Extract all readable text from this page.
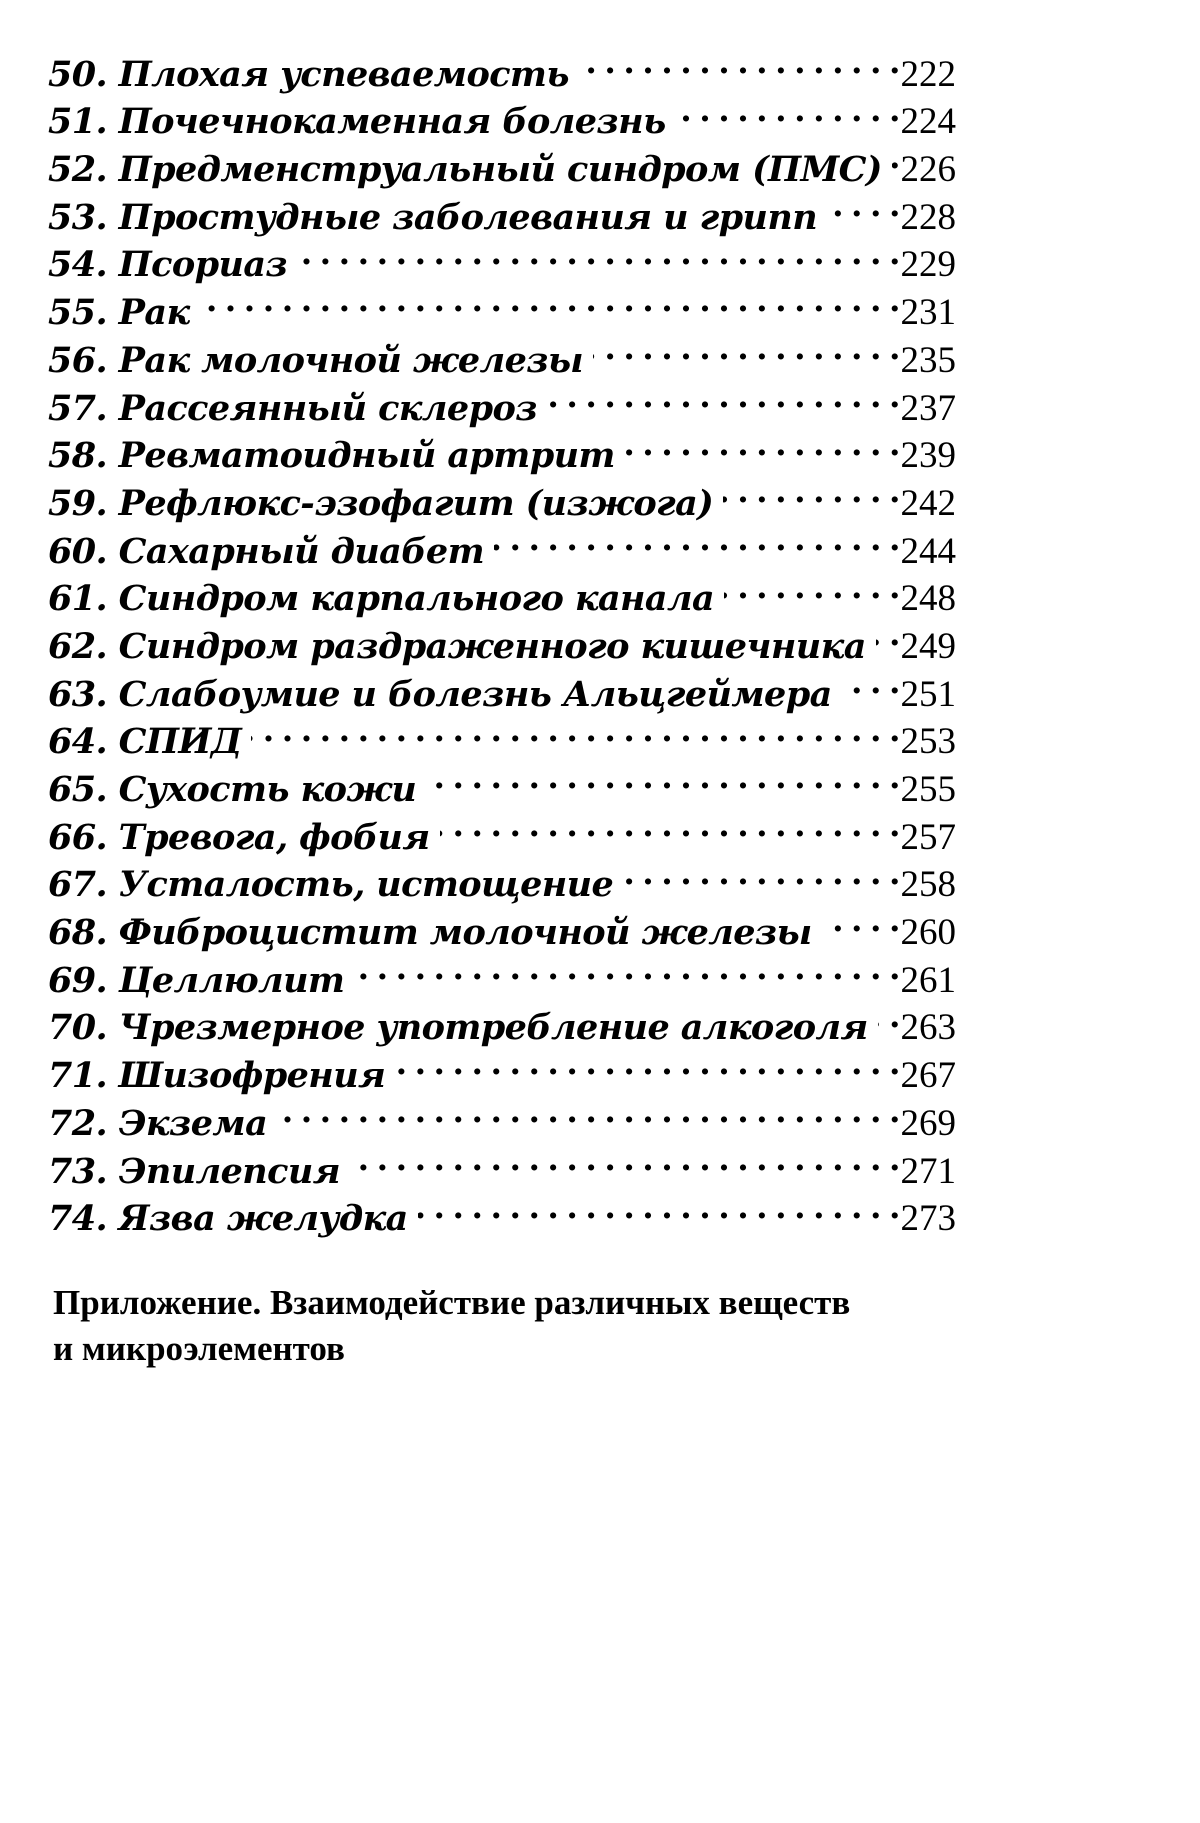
50. Плохая успеваемость . . .	222
51. Почечнокаменная болезнь . . .	224
52. Предменструальный синдром (ПМС) . . . 226
53. Простудные заболевания и грипп . . . 228
54. Псориаз . . .	229
55. Рак . . .	231
56. Рак молочной железы . . .	235
57. Рассеянный склероз . . .	237
58. Ревматоидный артрит . . .	239
59. Рефлюкс-эзофагит (изжога) . . .	242
60. Сахарный диабет . . .	244
61. Синдром карпального канала . . .	248
62. Синдром раздраженного кишечника . . . 249
63. Слабоумие и болезнь Альцгеймера . . . 251
64. СПИД . . .	253
65. Сухость кожи . . .	255
66. Тревога, фобия . . .	257
67. Усталость, истощение . . .	258
68. Фиброцистит молочной железы . . . 260
69. Целлюлит . . .	261
70. Чрезмерное употребление алкоголя . . . 263
71. Шизофрения . . .	267
72. Экзема . . .	269
73. Эпилепсия . . .	271
74. Язва желудка . . .	273
Приложение. Взаимодействие различных веществ
и микроэлементов
